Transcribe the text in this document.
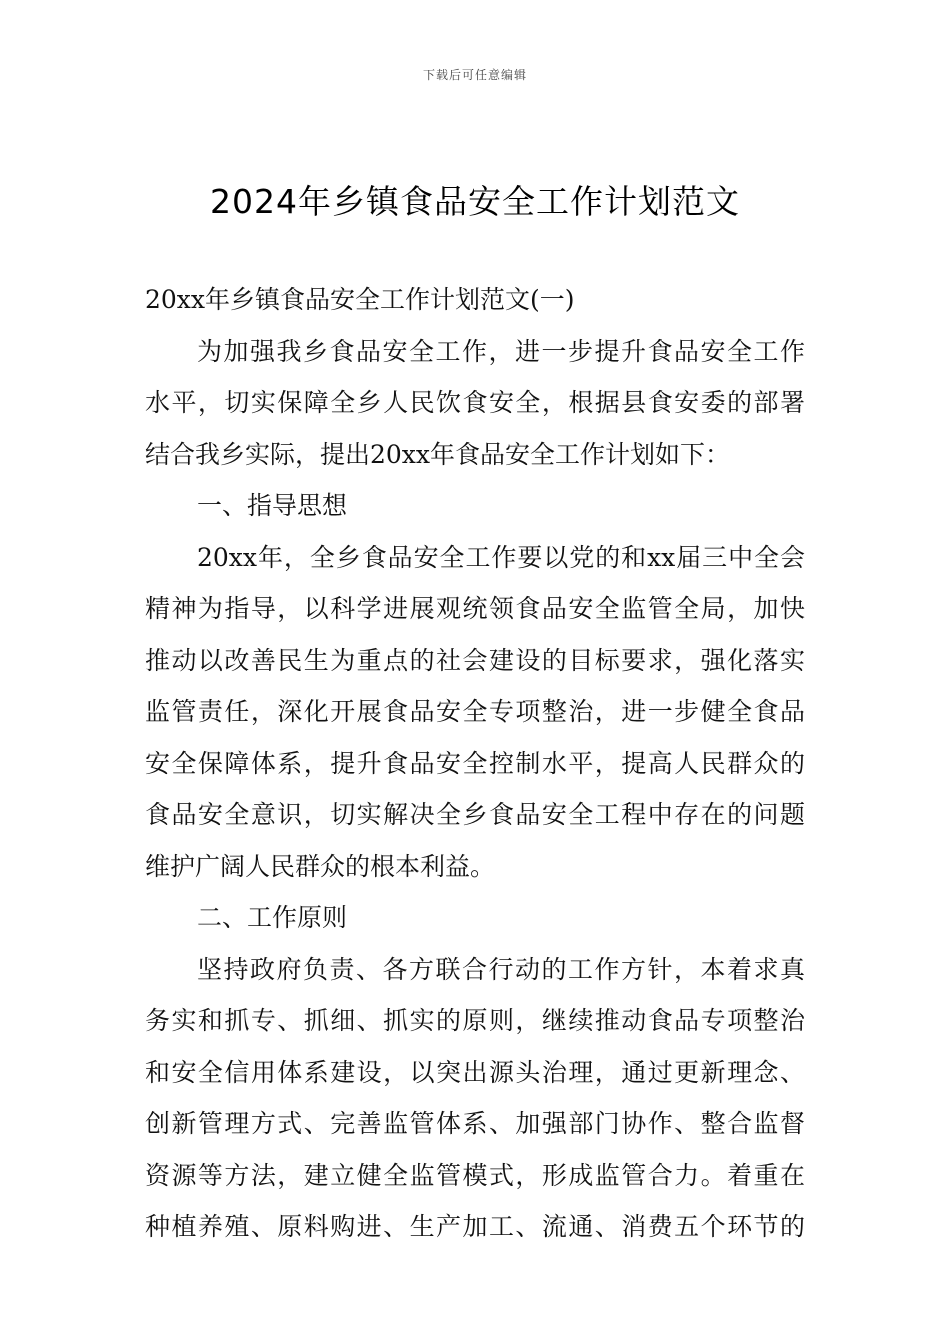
下载后可任意编辑
2024年乡镇食品安全工作计划范文
20xx年乡镇食品安全工作计划范文(一)
为加强我乡食品安全工作，进一步提升食品安全工作
水平，切实保障全乡人民饮食安全，根据县食安委的部署
结合我乡实际，提出20xx年食品安全工作计划如下：
一、指导思想
20xx年，全乡食品安全工作要以党的和xx届三中全会
精神为指导，以科学进展观统领食品安全监管全局，加快
推动以改善民生为重点的社会建设的目标要求，强化落实
监管责任，深化开展食品安全专项整治，进一步健全食品
安全保障体系，提升食品安全控制水平，提高人民群众的
食品安全意识，切实解决全乡食品安全工程中存在的问题
维护广阔人民群众的根本利益。
二、工作原则
坚持政府负责、各方联合行动的工作方针，本着求真
务实和抓专、抓细、抓实的原则，继续推动食品专项整治
和安全信用体系建设，以突出源头治理，通过更新理念、
创新管理方式、完善监管体系、加强部门协作、整合监督
资源等方法，建立健全监管模式，形成监管合力。着重在
种植养殖、原料购进、生产加工、流通、消费五个环节的
